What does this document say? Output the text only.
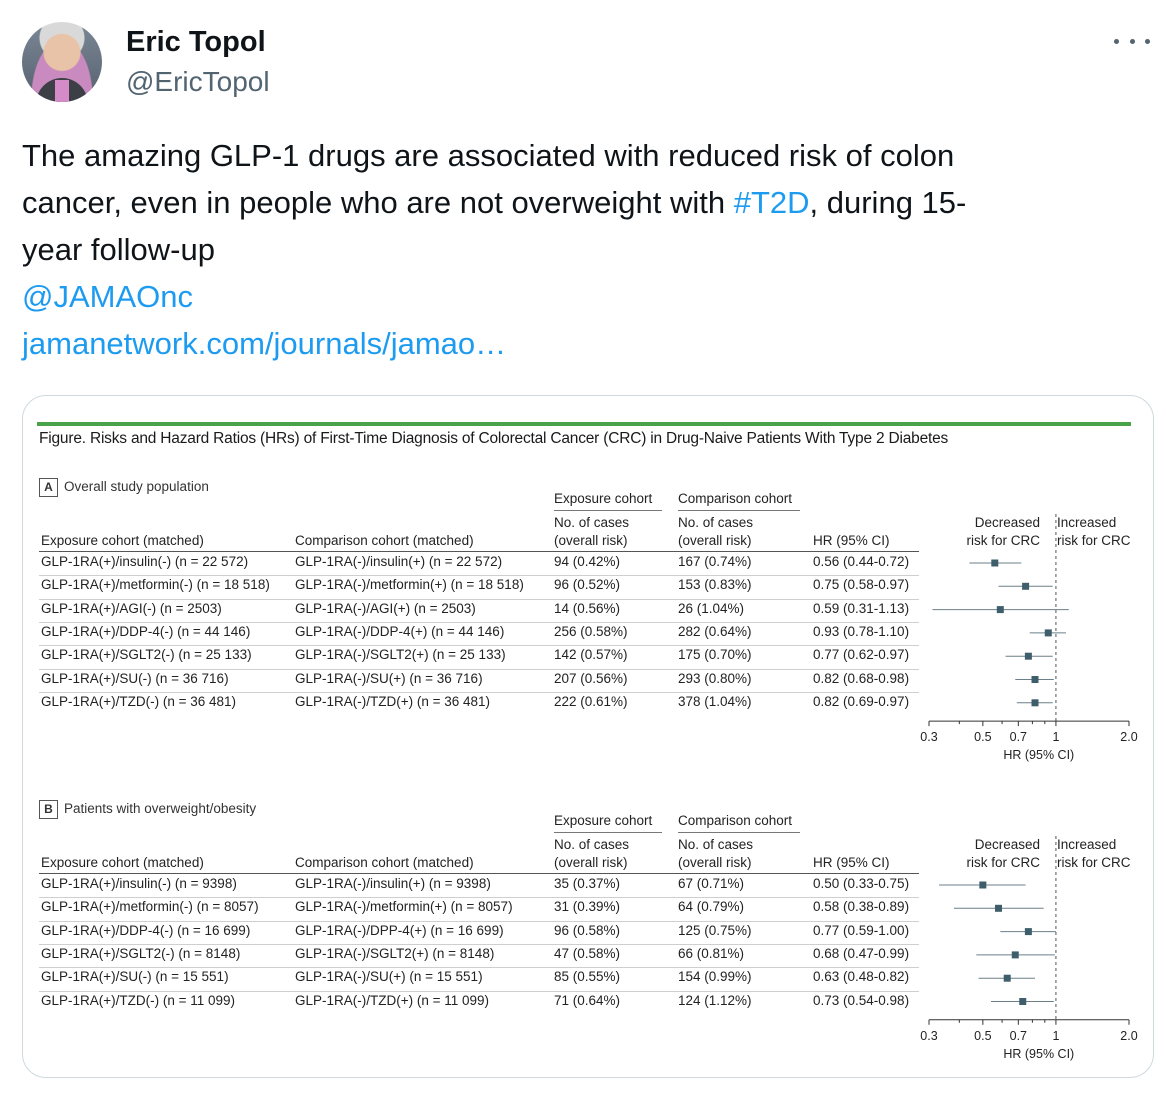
Eric Topol
@EricTopol
The amazing GLP-1 drugs are associated with reduced risk of colon
cancer, even in people who are not overweight with #T2D, during 15-
year follow-up
@JAMAOnc
jamanetwork.com/journals/jamao…
Figure. Risks and Hazard Ratios (HRs) of First-Time Diagnosis of Colorectal Cancer (CRC) in Drug-Naive Patients With Type 2 Diabetes
A Overall study population
Exposure cohort Comparison cohort
No. of cases
(overall risk)
No. of cases
(overall risk)
Exposure cohort (matched)	Comparison cohort (matched)	HR (95% CI)
Decreased
risk for CRC
Increased
risk for CRC
GLP-1RA(+)/insulin(-) (n = 22 572)	GLP-1RA(-)/insulin(+) (n = 22 572)	94 (0.42%)	167 (0.74%)	0.56 (0.44-0.72)
GLP-1RA(+)/metformin(-) (n = 18 518) GLP-1RA(-)/metformin(+) (n = 18 518) 96 (0.52%)	153 (0.83%)	0.75 (0.58-0.97)
GLP-1RA(+)/AGI(-) (n = 2503)	GLP-1RA(-)/AGI(+) (n = 2503)	14 (0.56%)	26 (1.04%)	0.59 (0.31-1.13)
GLP-1RA(+)/DDP-4(-) (n = 44 146)	GLP-1RA(-)/DDP-4(+) (n = 44 146)	256 (0.58%)	282 (0.64%)	0.93 (0.78-1.10)
GLP-1RA(+)/SGLT2(-) (n = 25 133)	GLP-1RA(-)/SGLT2(+) (n = 25 133)	142 (0.57%)	175 (0.70%)	0.77 (0.62-0.97)
GLP-1RA(+)/SU(-) (n = 36 716)	GLP-1RA(-)/SU(+) (n = 36 716)	207 (0.56%)	293 (0.80%)	0.82 (0.68-0.98)
GLP-1RA(+)/TZD(-) (n = 36 481)	GLP-1RA(-)/TZD(+) (n = 36 481)	222 (0.61%)	378 (1.04%)	0.82 (0.69-0.97)
0.3	0.5 0.7 1	2.0
HR (95% CI)
B Patients with overweight/obesity
Exposure cohort Comparison cohort
No. of cases
(overall risk)
No. of cases
(overall risk)
Exposure cohort (matched)	Comparison cohort (matched)	HR (95% CI)
Decreased
risk for CRC
Increased
risk for CRC
GLP-1RA(+)/insulin(-) (n = 9398)	GLP-1RA(-)/insulin(+) (n = 9398)	35 (0.37%)	67 (0.71%)	0.50 (0.33-0.75)
GLP-1RA(+)/metformin(-) (n = 8057)	GLP-1RA(-)/metformin(+) (n = 8057)	31 (0.39%)	64 (0.79%)	0.58 (0.38-0.89)
GLP-1RA(+)/DDP-4(-) (n = 16 699)	GLP-1RA(-)/DPP-4(+) (n = 16 699)	96 (0.58%)	125 (0.75%)	0.77 (0.59-1.00)
GLP-1RA(+)/SGLT2(-) (n = 8148)	GLP-1RA(-)/SGLT2(+) (n = 8148)	47 (0.58%)	66 (0.81%)	0.68 (0.47-0.99)
GLP-1RA(+)/SU(-) (n = 15 551)	GLP-1RA(-)/SU(+) (n = 15 551)	85 (0.55%)	154 (0.99%)	0.63 (0.48-0.82)
GLP-1RA(+)/TZD(-) (n = 11 099)	GLP-1RA(-)/TZD(+) (n = 11 099)	71 (0.64%)	124 (1.12%)	0.73 (0.54-0.98)
0.3	0.5 0.7 1	2.0
HR (95% CI)
